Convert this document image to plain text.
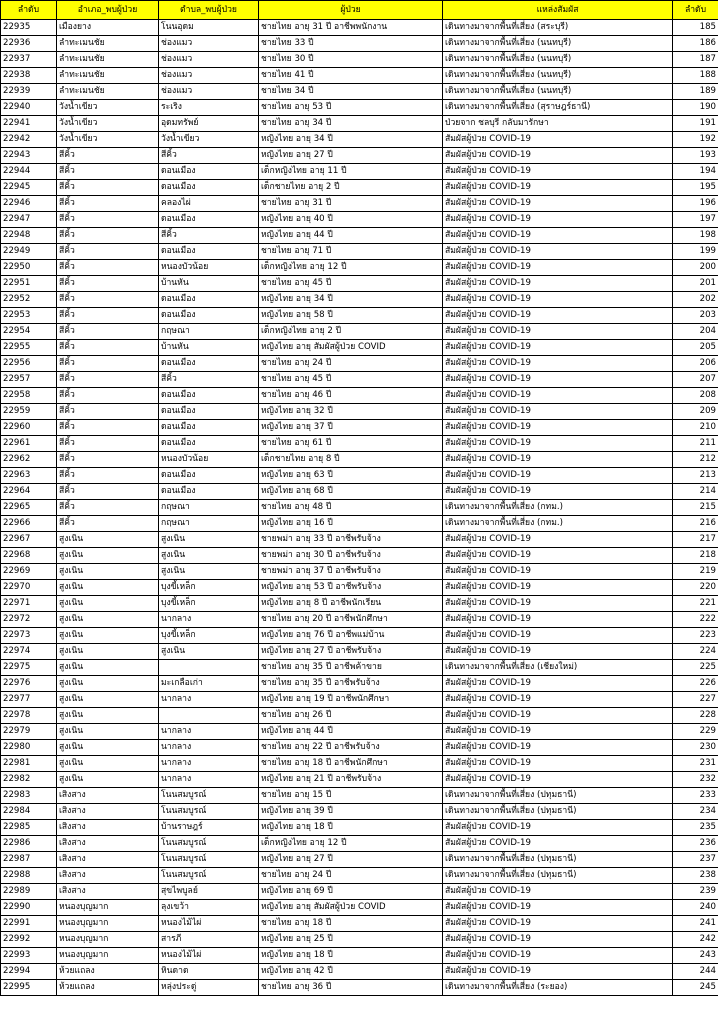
ลำดับ	อำเภอ_พบผู้ป่วย	ตำบล_พบผู้ป่วย	ผู้ป่วย	แหล่งสัมผัส	ลำดับ
22935	เมืองยาง	โนนอุดม	ชายไทย อายุ 31 ปี อาชีพพนักงาน	เดินทางมาจากพื้นที่เสี่ยง (สระบุรี)	185
22936	ลำทะเมนชัย	ช่องแมว	ชายไทย 33 ปี	เดินทางมาจากพื้นที่เสี่ยง (นนทบุรี)	186
22937	ลำทะเมนชัย	ช่องแมว	ชายไทย 30 ปี	เดินทางมาจากพื้นที่เสี่ยง (นนทบุรี)	187
22938	ลำทะเมนชัย	ช่องแมว	ชายไทย 41 ปี	เดินทางมาจากพื้นที่เสี่ยง (นนทบุรี)	188
22939	ลำทะเมนชัย	ช่องแมว	ชายไทย 34 ปี	เดินทางมาจากพื้นที่เสี่ยง (นนทบุรี)	189
22940	วังน้ำเขียว	ระเริง	ชายไทย อายุ 53 ปี	เดินทางมาจากพื้นที่เสี่ยง (สุราษฎร์ธานี)	190
22941	วังน้ำเขียว	อุดมทรัพย์	ชายไทย อายุ 34 ปี	ป่วยจาก ชลบุรี กลับมารักษา	191
22942	วังน้ำเขียว	วังน้ำเขียว	หญิงไทย อายุ 34 ปี	สัมผัสผู้ป่วย COVID-19	192
22943	สีคิ้ว	สีคิ้ว	หญิงไทย อายุ 27 ปี	สัมผัสผู้ป่วย COVID-19	193
22944	สีคิ้ว	ดอนเมือง	เด็กหญิงไทย อายุ 11 ปี	สัมผัสผู้ป่วย COVID-19	194
22945	สีคิ้ว	ดอนเมือง	เด็กชายไทย อายุ 2 ปี	สัมผัสผู้ป่วย COVID-19	195
22946	สีคิ้ว	คลองไผ่	ชายไทย อายุ 31 ปี	สัมผัสผู้ป่วย COVID-19	196
22947	สีคิ้ว	ดอนเมือง	หญิงไทย อายุ 40 ปี	สัมผัสผู้ป่วย COVID-19	197
22948	สีคิ้ว	สีคิ้ว	หญิงไทย อายุ 44 ปี	สัมผัสผู้ป่วย COVID-19	198
22949	สีคิ้ว	ดอนเมือง	ชายไทย อายุ 71 ปี	สัมผัสผู้ป่วย COVID-19	199
22950	สีคิ้ว	หนองบัวน้อย	เด็กหญิงไทย อายุ 12 ปี	สัมผัสผู้ป่วย COVID-19	200
22951	สีคิ้ว	บ้านหัน	ชายไทย อายุ 45 ปี	สัมผัสผู้ป่วย COVID-19	201
22952	สีคิ้ว	ดอนเมือง	หญิงไทย อายุ 34 ปี	สัมผัสผู้ป่วย COVID-19	202
22953	สีคิ้ว	ดอนเมือง	หญิงไทย อายุ 58 ปี	สัมผัสผู้ป่วย COVID-19	203
22954	สีคิ้ว	กฤษณา	เด็กหญิงไทย อายุ 2 ปี	สัมผัสผู้ป่วย COVID-19	204
22955	สีคิ้ว	บ้านหัน	หญิงไทย อายุ สัมผัสผู้ป่วย COVID	สัมผัสผู้ป่วย COVID-19	205
22956	สีคิ้ว	ดอนเมือง	ชายไทย อายุ 24 ปี	สัมผัสผู้ป่วย COVID-19	206
22957	สีคิ้ว	สีคิ้ว	ชายไทย อายุ 45 ปี	สัมผัสผู้ป่วย COVID-19	207
22958	สีคิ้ว	ดอนเมือง	ชายไทย อายุ 46 ปี	สัมผัสผู้ป่วย COVID-19	208
22959	สีคิ้ว	ดอนเมือง	หญิงไทย อายุ 32 ปี	สัมผัสผู้ป่วย COVID-19	209
22960	สีคิ้ว	ดอนเมือง	หญิงไทย อายุ 37 ปี	สัมผัสผู้ป่วย COVID-19	210
22961	สีคิ้ว	ดอนเมือง	ชายไทย อายุ 61 ปี	สัมผัสผู้ป่วย COVID-19	211
22962	สีคิ้ว	หนองบัวน้อย	เด็กชายไทย อายุ 8 ปี	สัมผัสผู้ป่วย COVID-19	212
22963	สีคิ้ว	ดอนเมือง	หญิงไทย อายุ 63 ปี	สัมผัสผู้ป่วย COVID-19	213
22964	สีคิ้ว	ดอนเมือง	หญิงไทย อายุ 68 ปี	สัมผัสผู้ป่วย COVID-19	214
22965	สีคิ้ว	กฤษณา	ชายไทย อายุ 48 ปี	เดินทางมาจากพื้นที่เสี่ยง (กทม.)	215
22966	สีคิ้ว	กฤษณา	หญิงไทย อายุ 16 ปี	เดินทางมาจากพื้นที่เสี่ยง (กทม.)	216
22967	สูงเนิน	สูงเนิน	ชายพม่า อายุ 33 ปี อาชีพรับจ้าง	สัมผัสผู้ป่วย COVID-19	217
22968	สูงเนิน	สูงเนิน	ชายพม่า อายุ 30 ปี อาชีพรับจ้าง	สัมผัสผู้ป่วย COVID-19	218
22969	สูงเนิน	สูงเนิน	ชายพม่า อายุ 37 ปี อาชีพรับจ้าง	สัมผัสผู้ป่วย COVID-19	219
22970	สูงเนิน	บุงขี้เหล็ก	หญิงไทย อายุ 53 ปี อาชีพรับจ้าง	สัมผัสผู้ป่วย COVID-19	220
22971	สูงเนิน	บุงขี้เหล็ก	หญิงไทย อายุ 8 ปี อาชีพนักเรียน	สัมผัสผู้ป่วย COVID-19	221
22972	สูงเนิน	นากลาง	ชายไทย อายุ 20 ปี อาชีพนักศึกษา	สัมผัสผู้ป่วย COVID-19	222
22973	สูงเนิน	บุงขี้เหล็ก	หญิงไทย อายุ 76 ปี อาชีพแม่บ้าน	สัมผัสผู้ป่วย COVID-19	223
22974	สูงเนิน	สูงเนิน	หญิงไทย อายุ 27 ปี อาชีพรับจ้าง	สัมผัสผู้ป่วย COVID-19	224
22975	สูงเนิน		ชายไทย อายุ 35 ปี อาชีพค้าขาย	เดินทางมาจากพื้นที่เสี่ยง (เชียงใหม่)	225
22976	สูงเนิน	มะเกลือเก่า	ชายไทย อายุ 35 ปี อาชีพรับจ้าง	สัมผัสผู้ป่วย COVID-19	226
22977	สูงเนิน	นากลาง	หญิงไทย อายุ 19 ปี อาชีพนักศึกษา	สัมผัสผู้ป่วย COVID-19	227
22978	สูงเนิน		ชายไทย อายุ 26 ปี	สัมผัสผู้ป่วย COVID-19	228
22979	สูงเนิน	นากลาง	หญิงไทย อายุ 44 ปี	สัมผัสผู้ป่วย COVID-19	229
22980	สูงเนิน	นากลาง	ชายไทย อายุ 22 ปี อาชีพรับจ้าง	สัมผัสผู้ป่วย COVID-19	230
22981	สูงเนิน	นากลาง	ชายไทย อายุ 18 ปี อาชีพนักศึกษา	สัมผัสผู้ป่วย COVID-19	231
22982	สูงเนิน	นากลาง	หญิงไทย อายุ 21 ปี อาชีพรับจ้าง	สัมผัสผู้ป่วย COVID-19	232
22983	เสิงสาง	โนนสมบูรณ์	ชายไทย อายุ 15 ปี	เดินทางมาจากพื้นที่เสี่ยง (ปทุมธานี)	233
22984	เสิงสาง	โนนสมบูรณ์	หญิงไทย อายุ 39 ปี	เดินทางมาจากพื้นที่เสี่ยง (ปทุมธานี)	234
22985	เสิงสาง	บ้านราษฎร์	หญิงไทย อายุ 18 ปี	สัมผัสผู้ป่วย COVID-19	235
22986	เสิงสาง	โนนสมบูรณ์	เด็กหญิงไทย อายุ 12 ปี	สัมผัสผู้ป่วย COVID-19	236
22987	เสิงสาง	โนนสมบูรณ์	หญิงไทย อายุ 27 ปี	เดินทางมาจากพื้นที่เสี่ยง (ปทุมธานี)	237
22988	เสิงสาง	โนนสมบูรณ์	ชายไทย อายุ 24 ปี	เดินทางมาจากพื้นที่เสี่ยง (ปทุมธานี)	238
22989	เสิงสาง	สุขไพบูลย์	หญิงไทย อายุ 69 ปี	สัมผัสผู้ป่วย COVID-19	239
22990	หนองบุญมาก	ลุงเขว้า	หญิงไทย อายุ สัมผัสผู้ป่วย COVID	สัมผัสผู้ป่วย COVID-19	240
22991	หนองบุญมาก	หนองไม้ไผ่	ชายไทย อายุ 18 ปี	สัมผัสผู้ป่วย COVID-19	241
22992	หนองบุญมาก	สารภี	หญิงไทย อายุ 25 ปี	สัมผัสผู้ป่วย COVID-19	242
22993	หนองบุญมาก	หนองไม้ไผ่	หญิงไทย อายุ 18 ปี	สัมผัสผู้ป่วย COVID-19	243
22994	ห้วยแถลง	หินดาด	หญิงไทย อายุ 42 ปี	สัมผัสผู้ป่วย COVID-19	244
22995	ห้วยแถลง	หลุ่งประดู่	ชายไทย อายุ 36 ปี	เดินทางมาจากพื้นที่เสี่ยง (ระยอง)	245
